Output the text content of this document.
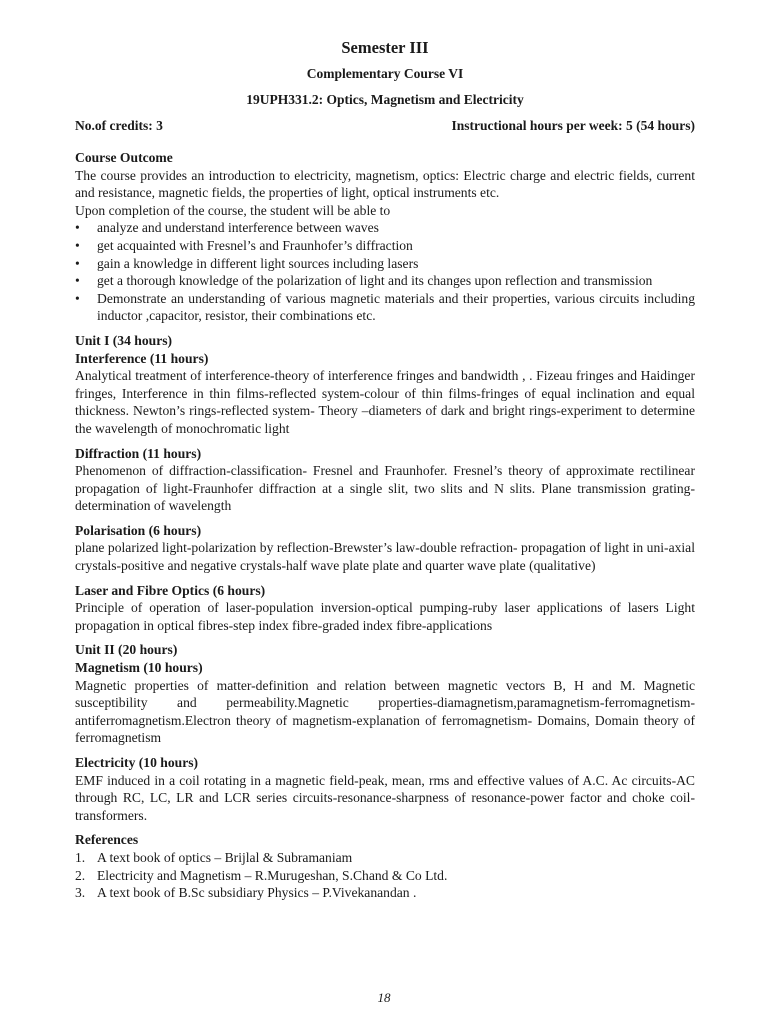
Semester III
Complementary Course VI
19UPH331.2: Optics, Magnetism and Electricity
No.of credits: 3	Instructional hours per week: 5 (54 hours)
Course Outcome
The course provides an introduction to electricity, magnetism, optics: Electric charge and electric fields, current and resistance, magnetic fields, the properties of light, optical instruments etc.
Upon completion of the course, the student will be able to
• analyze and understand interference between waves
• get acquainted with Fresnel’s and Fraunhofer’s diffraction
• gain a knowledge in different light sources including lasers
• get a thorough knowledge of the polarization of light and its changes upon reflection and transmission
• Demonstrate an understanding of various magnetic materials and their properties, various circuits including inductor ,capacitor, resistor, their combinations etc.
Unit I (34 hours)
Interference (11 hours)
Analytical treatment of interference-theory of interference fringes and bandwidth , . Fizeau fringes and Haidinger fringes, Interference in thin films-reflected system-colour of thin films-fringes of equal inclination and equal thickness. Newton’s rings-reflected system- Theory –diameters of dark and bright rings-experiment to determine the wavelength of monochromatic light
Diffraction (11 hours)
Phenomenon of diffraction-classification- Fresnel and Fraunhofer. Fresnel’s theory of approximate rectilinear propagation of light-Fraunhofer diffraction at a single slit, two slits and N slits. Plane transmission grating-determination of wavelength
Polarisation (6 hours)
plane polarized light-polarization by reflection-Brewster’s law-double refraction- propagation of light in uni-axial crystals-positive and negative crystals-half wave plate plate and quarter wave plate (qualitative)
Laser and Fibre Optics (6 hours)
Principle of operation of laser-population inversion-optical pumping-ruby laser applications of lasers Light propagation in optical fibres-step index fibre-graded index fibre-applications
Unit II (20 hours)
Magnetism (10 hours)
Magnetic properties of matter-definition and relation between magnetic vectors B, H and M. Magnetic
susceptibility and permeability.Magnetic properties-diamagnetism,paramagnetism-ferromagnetism-
antiferromagnetism.Electron theory of magnetism-explanation of ferromagnetism- Domains, Domain theory of ferromagnetism
Electricity (10 hours)
EMF induced in a coil rotating in a magnetic field-peak, mean, rms and effective values of A.C. Ac circuits-AC through RC, LC, LR and LCR series circuits-resonance-sharpness of resonance-power factor and choke coil-transformers.
References
1. A text book of optics – Brijlal & Subramaniam
2. Electricity and Magnetism – R.Murugeshan, S.Chand & Co Ltd.
3. A text book of B.Sc subsidiary Physics – P.Vivekanandan .
18
